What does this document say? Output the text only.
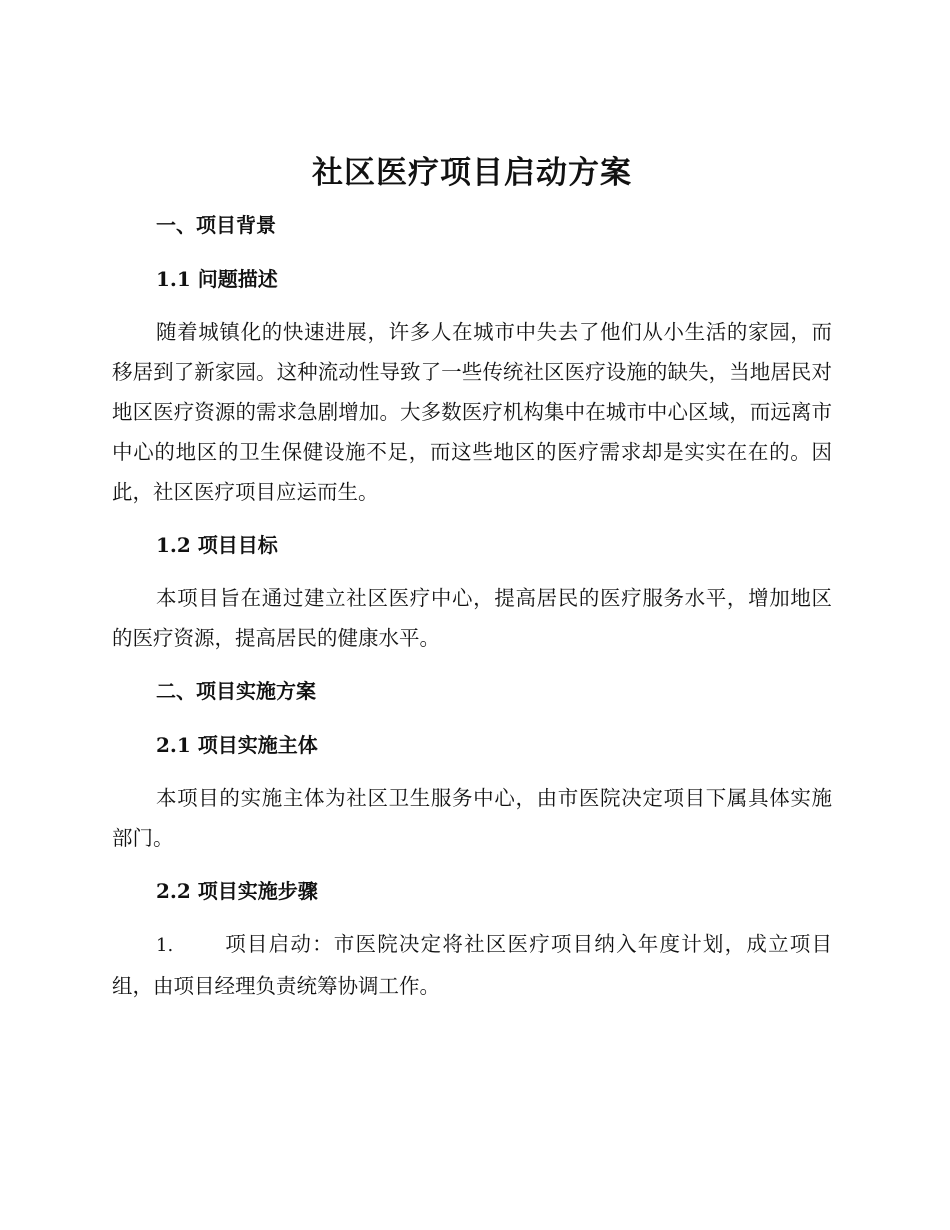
社区医疗项目启动方案
一、项目背景
1.1 问题描述

随着城镇化的快速进展，许多人在城市中失去了他们从小生活的家园，而移居到了新家园。这种流动性导致了一些传统社区医疗设施的缺失，当地居民对地区医疗资源的需求急剧增加。大多数医疗机构集中在城市中心区域，而远离市中心的地区的卫生保健设施不足，而这些地区的医疗需求却是实实在在的。因此，社区医疗项目应运而生。

1.2 项目目标

本项目旨在通过建立社区医疗中心，提高居民的医疗服务水平，增加地区的医疗资源，提高居民的健康水平。

二、项目实施方案
2.1 项目实施主体

本项目的实施主体为社区卫生服务中心，由市医院决定项目下属具体实施部门。

2.2 项目实施步骤

1. 项目启动：市医院决定将社区医疗项目纳入年度计划，成立项目组，由项目经理负责统筹协调工作。
